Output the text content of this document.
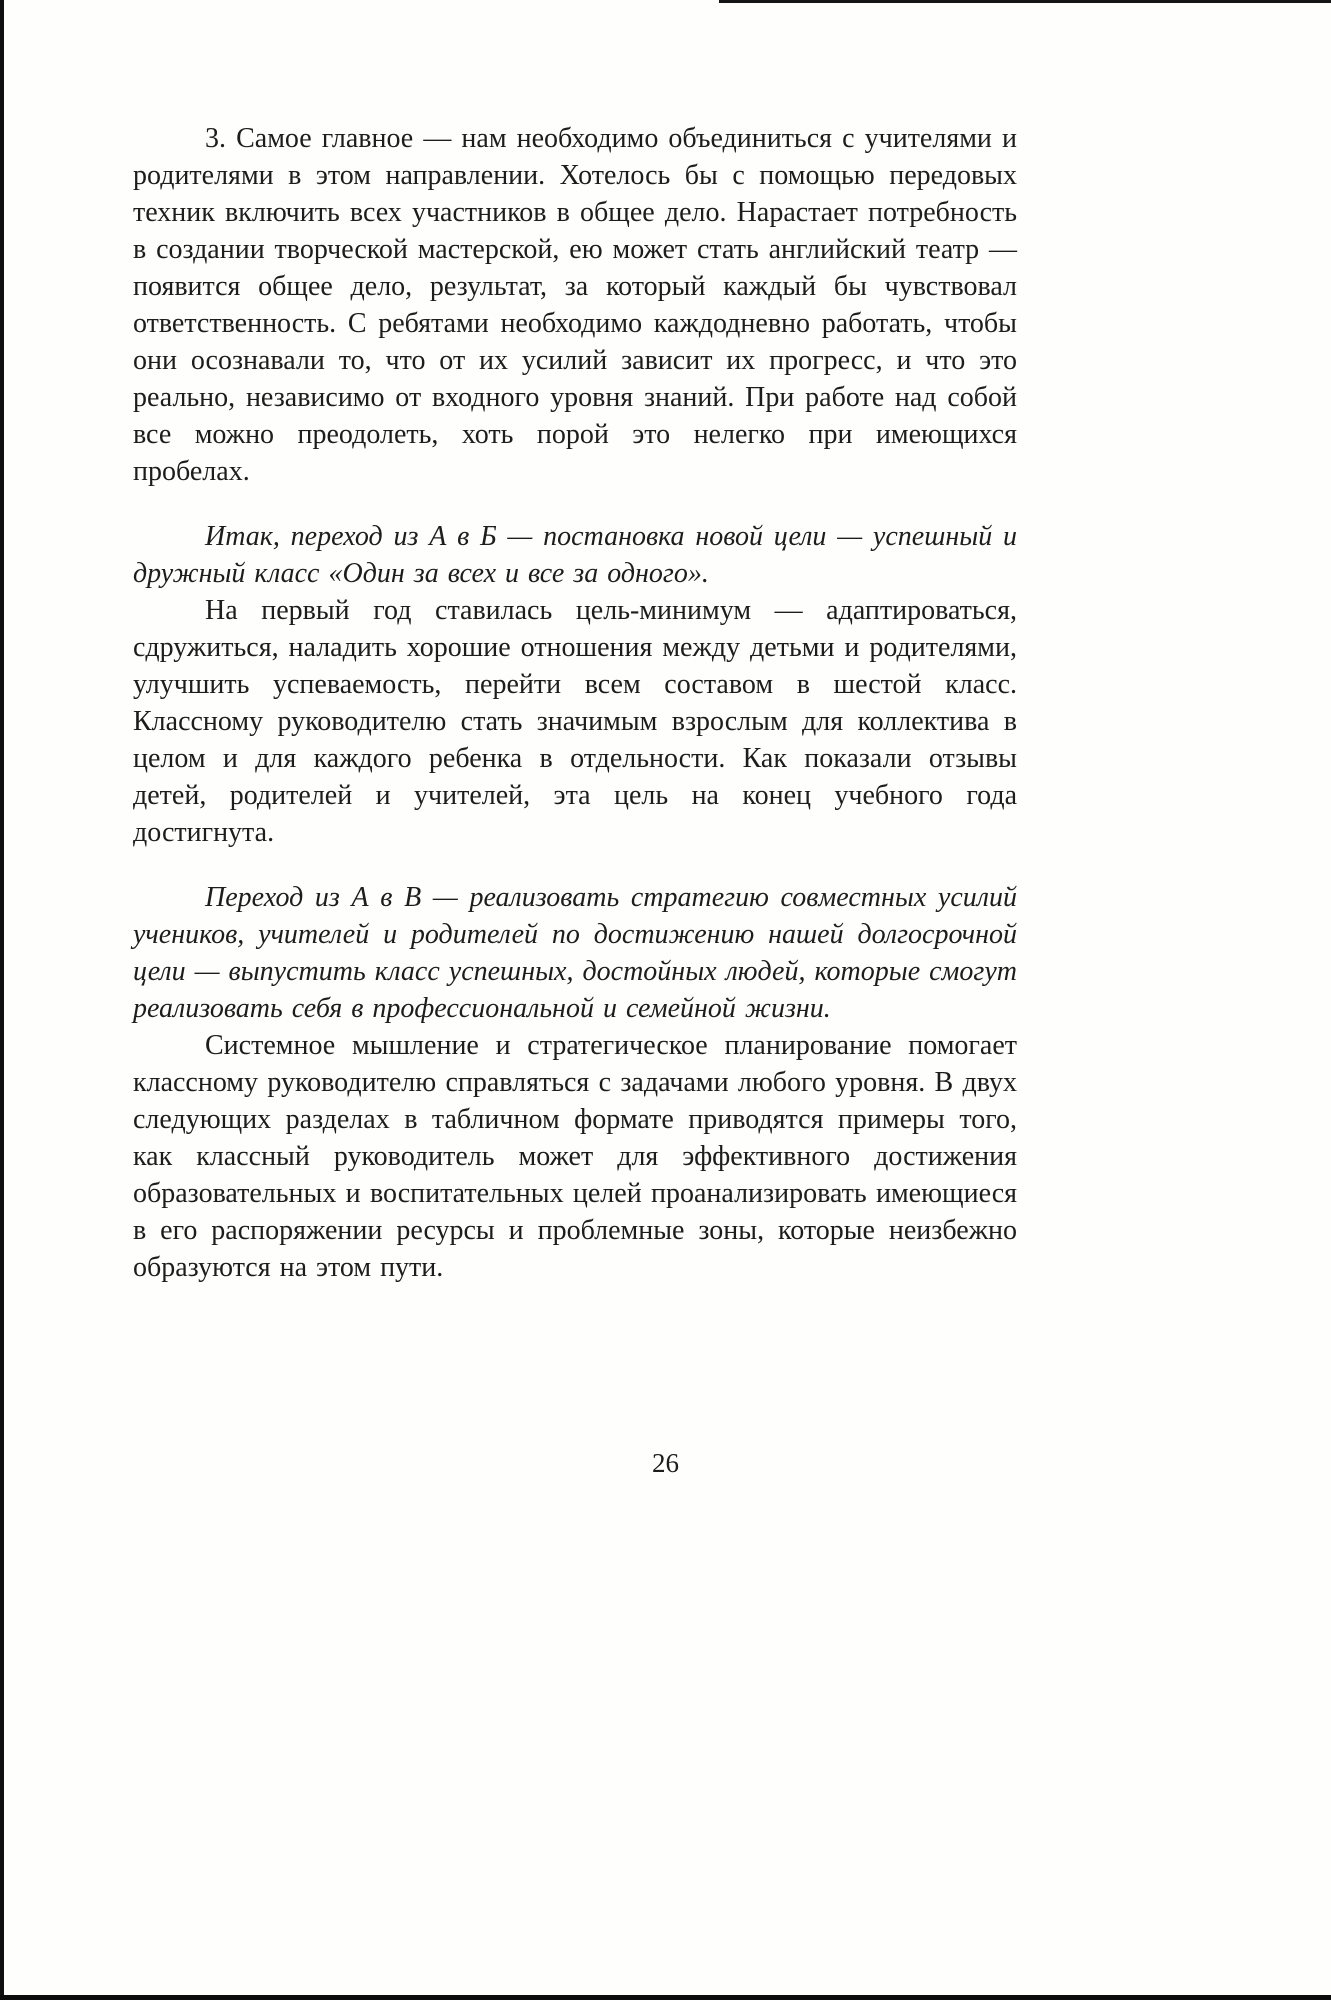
3. Самое главное — нам необходимо объединиться с учителями и родителями в этом направлении. Хотелось бы с помощью передовых техник включить всех участников в общее дело. Нарастает потребность в создании творческой мастерской, ею может стать английский театр — появится общее дело, результат, за который каждый бы чувствовал ответственность. С ребятами необходимо каждодневно работать, чтобы они осознавали то, что от их усилий зависит их прогресс, и что это реально, независимо от входного уровня знаний. При работе над собой все можно преодолеть, хоть порой это нелегко при имеющихся пробелах.

Итак, переход из А в Б — постановка новой цели — успешный и дружный класс «Один за всех и все за одного».

На первый год ставилась цель-минимум — адаптироваться, сдружиться, наладить хорошие отношения между детьми и родителями, улучшить успеваемость, перейти всем составом в шестой класс. Классному руководителю стать значимым взрослым для коллектива в целом и для каждого ребенка в отдельности. Как показали отзывы детей, родителей и учителей, эта цель на конец учебного года достигнута.

Переход из А в В — реализовать стратегию совместных усилий учеников, учителей и родителей по достижению нашей долгосрочной цели — выпустить класс успешных, достойных людей, которые смогут реализовать себя в профессиональной и семейной жизни.

Системное мышление и стратегическое планирование помогает классному руководителю справляться с задачами любого уровня. В двух следующих разделах в табличном формате приводятся примеры того, как классный руководитель может для эффективного достижения образовательных и воспитательных целей проанализировать имеющиеся в его распоряжении ресурсы и проблемные зоны, которые неизбежно образуются на этом пути.

26
